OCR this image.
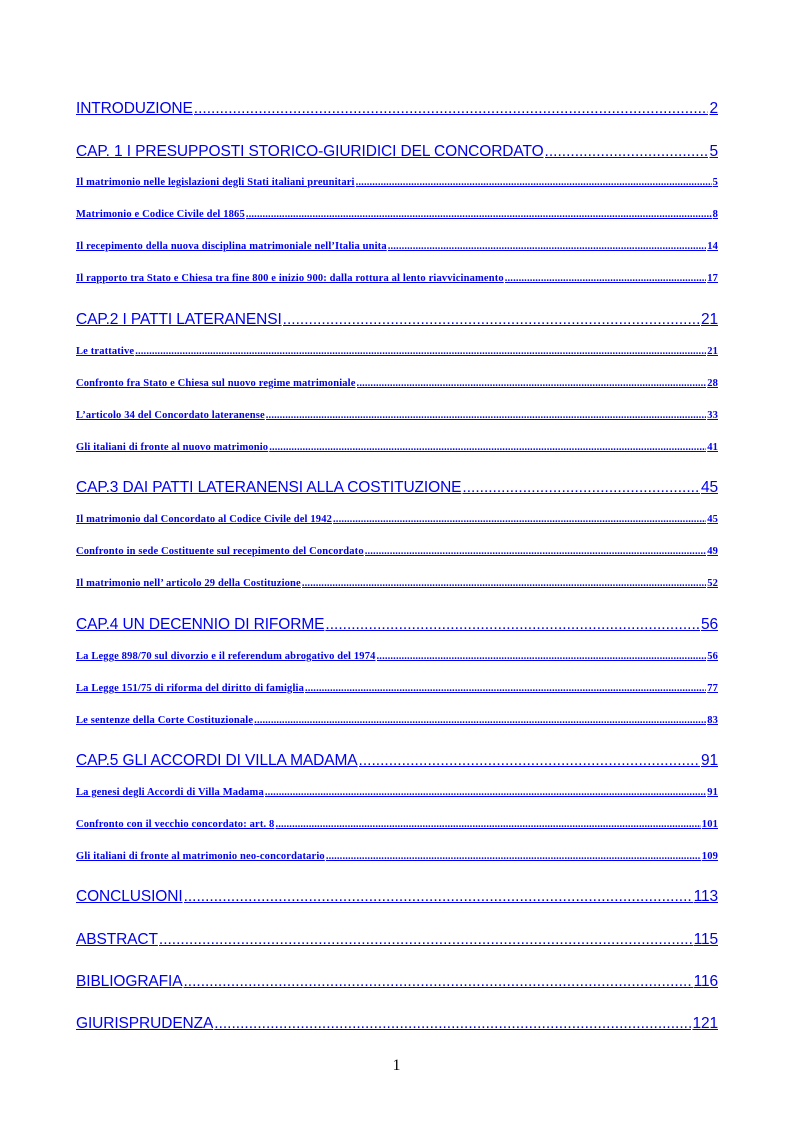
INTRODUZIONE .....	2
CAP. 1 I PRESUPPOSTI STORICO-GIURIDICI DEL CONCORDATO .....	5
Il matrimonio nelle legislazioni degli Stati italiani preunitari .....	5
Matrimonio e Codice Civile del 1865 .....	8
Il recepimento della nuova disciplina matrimoniale nell’Italia unita .....	14
Il rapporto tra Stato e Chiesa tra fine 800 e inizio 900: dalla rottura al lento riavvicinamento .....	17
CAP.2 I PATTI LATERANENSI .....	21
Le trattative .....	21
Confronto fra Stato e Chiesa sul nuovo regime matrimoniale .....	28
L’articolo 34 del Concordato lateranense .....	33
Gli italiani di fronte al nuovo matrimonio .....	41
CAP.3 DAI PATTI LATERANENSI ALLA COSTITUZIONE .....	45
Il matrimonio dal Concordato al Codice Civile del 1942 .....	45
Confronto in sede Costituente sul recepimento del Concordato .....	49
Il matrimonio nell’ articolo 29 della Costituzione .....	52
CAP.4 UN DECENNIO DI RIFORME .....	56
La Legge 898/70 sul divorzio e il referendum abrogativo del 1974 .....	56
La Legge 151/75 di riforma del diritto di famiglia .....	77
Le sentenze della Corte Costituzionale .....	83
CAP.5 GLI ACCORDI DI VILLA MADAMA .....	91
La genesi degli Accordi di Villa Madama .....	91
Confronto con il vecchio concordato: art. 8 .....	101
Gli italiani di fronte al matrimonio neo-concordatario .....	109
CONCLUSIONI .....	113
ABSTRACT .....	115
BIBLIOGRAFIA .....	116
GIURISPRUDENZA .....	121
1
